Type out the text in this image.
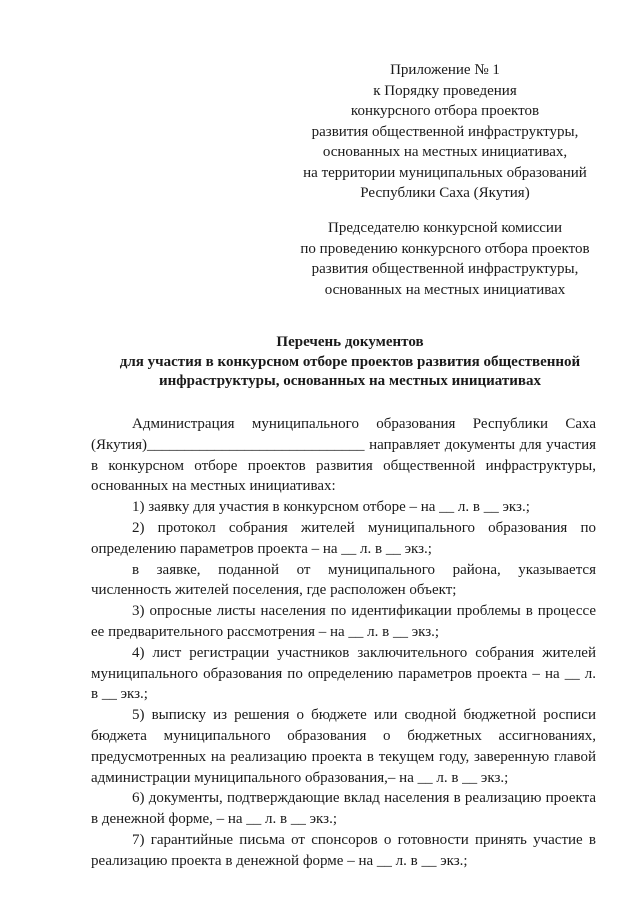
Приложение № 1
к Порядку проведения
конкурсного отбора проектов
развития общественной инфраструктуры,
основанных на местных инициативах,
на территории муниципальных образований
Республики Саха (Якутия)
Председателю конкурсной комиссии
по проведению конкурсного отбора проектов
развития общественной инфраструктуры,
основанных на местных инициативах
Перечень документов
для участия в конкурсном отборе проектов развития общественной
инфраструктуры, основанных на местных инициативах
Администрация муниципального образования Республики Саха
(Якутия)_____________________________ направляет документы для участия
в конкурсном отборе проектов развития общественной инфраструктуры,
основанных на местных инициативах:
1) заявку для участия в конкурсном отборе – на __ л. в __ экз.;
2) протокол собрания жителей муниципального образования по
определению параметров проекта – на __ л. в __ экз.;
в заявке, поданной от муниципального района, указывается
численность жителей поселения, где расположен объект;
3) опросные листы населения по идентификации проблемы в процессе
ее предварительного рассмотрения – на __ л. в __ экз.;
4) лист регистрации участников заключительного собрания жителей
муниципального образования по определению параметров проекта – на __ л.
в __ экз.;
5) выписку из решения о бюджете или сводной бюджетной росписи
бюджета муниципального образования о бюджетных ассигнованиях,
предусмотренных на реализацию проекта в текущем году, заверенную главой
администрации муниципального образования,– на __ л. в __ экз.;
6) документы, подтверждающие вклад населения в реализацию проекта
в денежной форме, – на __ л. в __ экз.;
7) гарантийные письма от спонсоров о готовности принять участие в
реализацию проекта в денежной форме – на __ л. в __ экз.;
